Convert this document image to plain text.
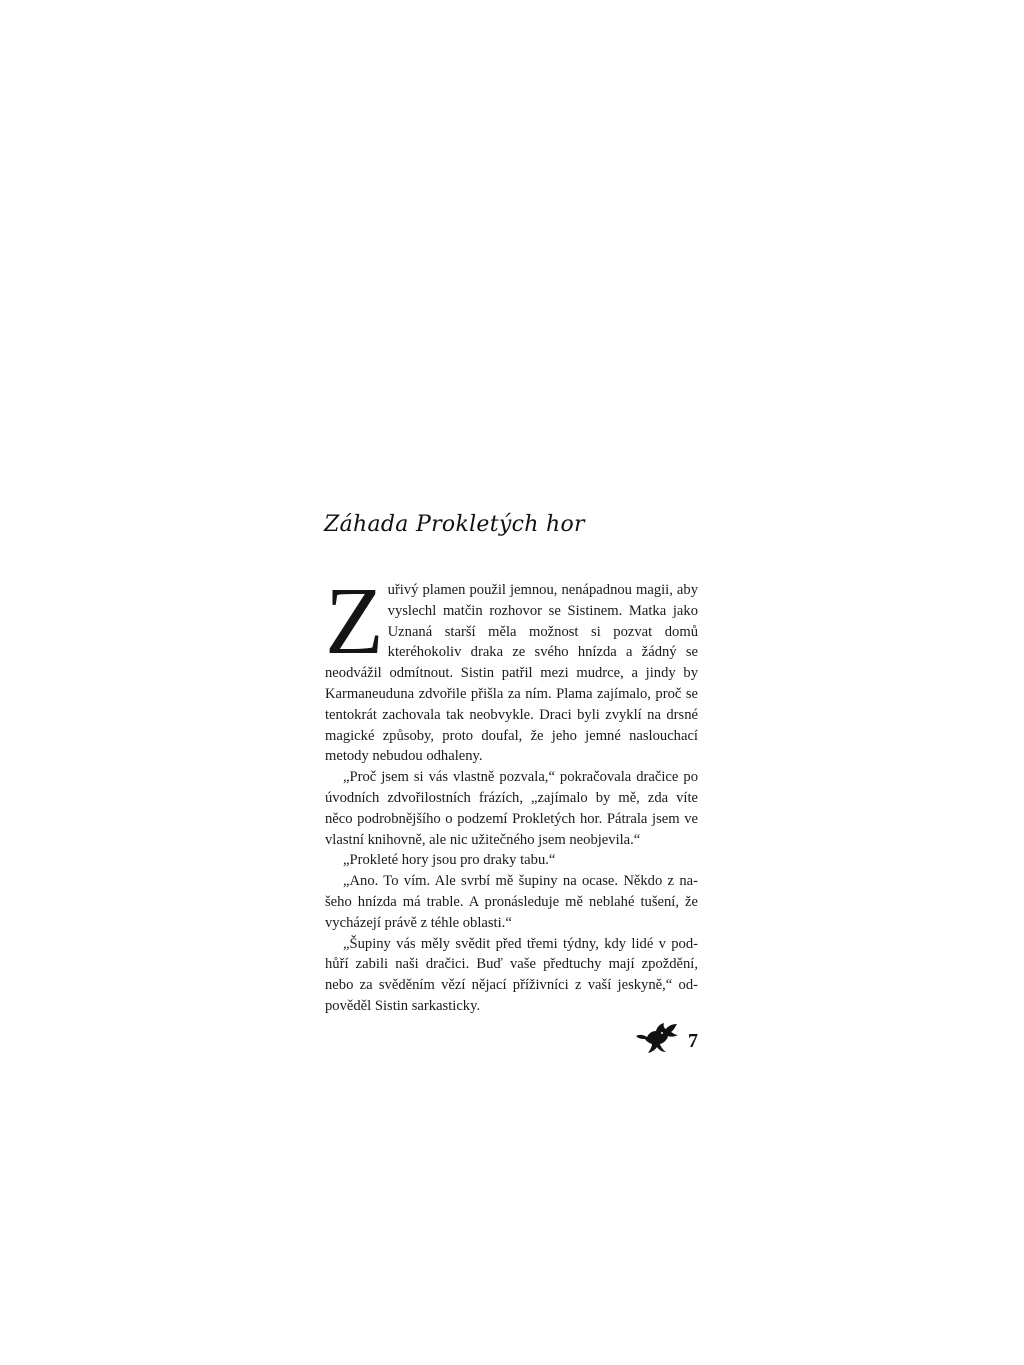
Záhada Prokletých hor

Zuřivý plamen použil jemnou, nenápadnou magii, aby vyslechl matčin rozhovor se Sistinem. Matka jako Uznaná starší měla možnost si pozvat domů kteréhokoliv draka ze svého hnízda a žádný se neodvážil odmítnout. Sistin patřil mezi mudrce, a jindy by Karmaneuduna zdvořile přišla za ním. Plama zajímalo, proč se tentokrát zachovala tak neobvykle. Draci byli zvyklí na drsné magické způsoby, proto doufal, že jeho jemné naslouchací metody nebudou odhaleny.

„Proč jsem si vás vlastně pozvala,“ pokračovala dračice po úvodních zdvořilostních frázích, „zajímalo by mě, zda víte něco podrobnějšího o podzemí Prokletých hor. Pátrala jsem ve vlastní knihovně, ale nic užitečného jsem neobjevila.“

„Prokleté hory jsou pro draky tabu.“

„Ano. To vím. Ale svrbí mě šupiny na ocase. Někdo z našeho hnízda má trable. A pronásleduje mě neblahé tušení, že vycházejí právě z téhle oblasti.“

„Šupiny vás měly svědit před třemi týdny, kdy lidé v podhůří zabili naši dračici. Buď vaše předtuchy mají zpoždění, nebo za svěděním vězí nějací příživníci z vaší jeskyně,“ odpověděl Sistin sarkasticky.

7
